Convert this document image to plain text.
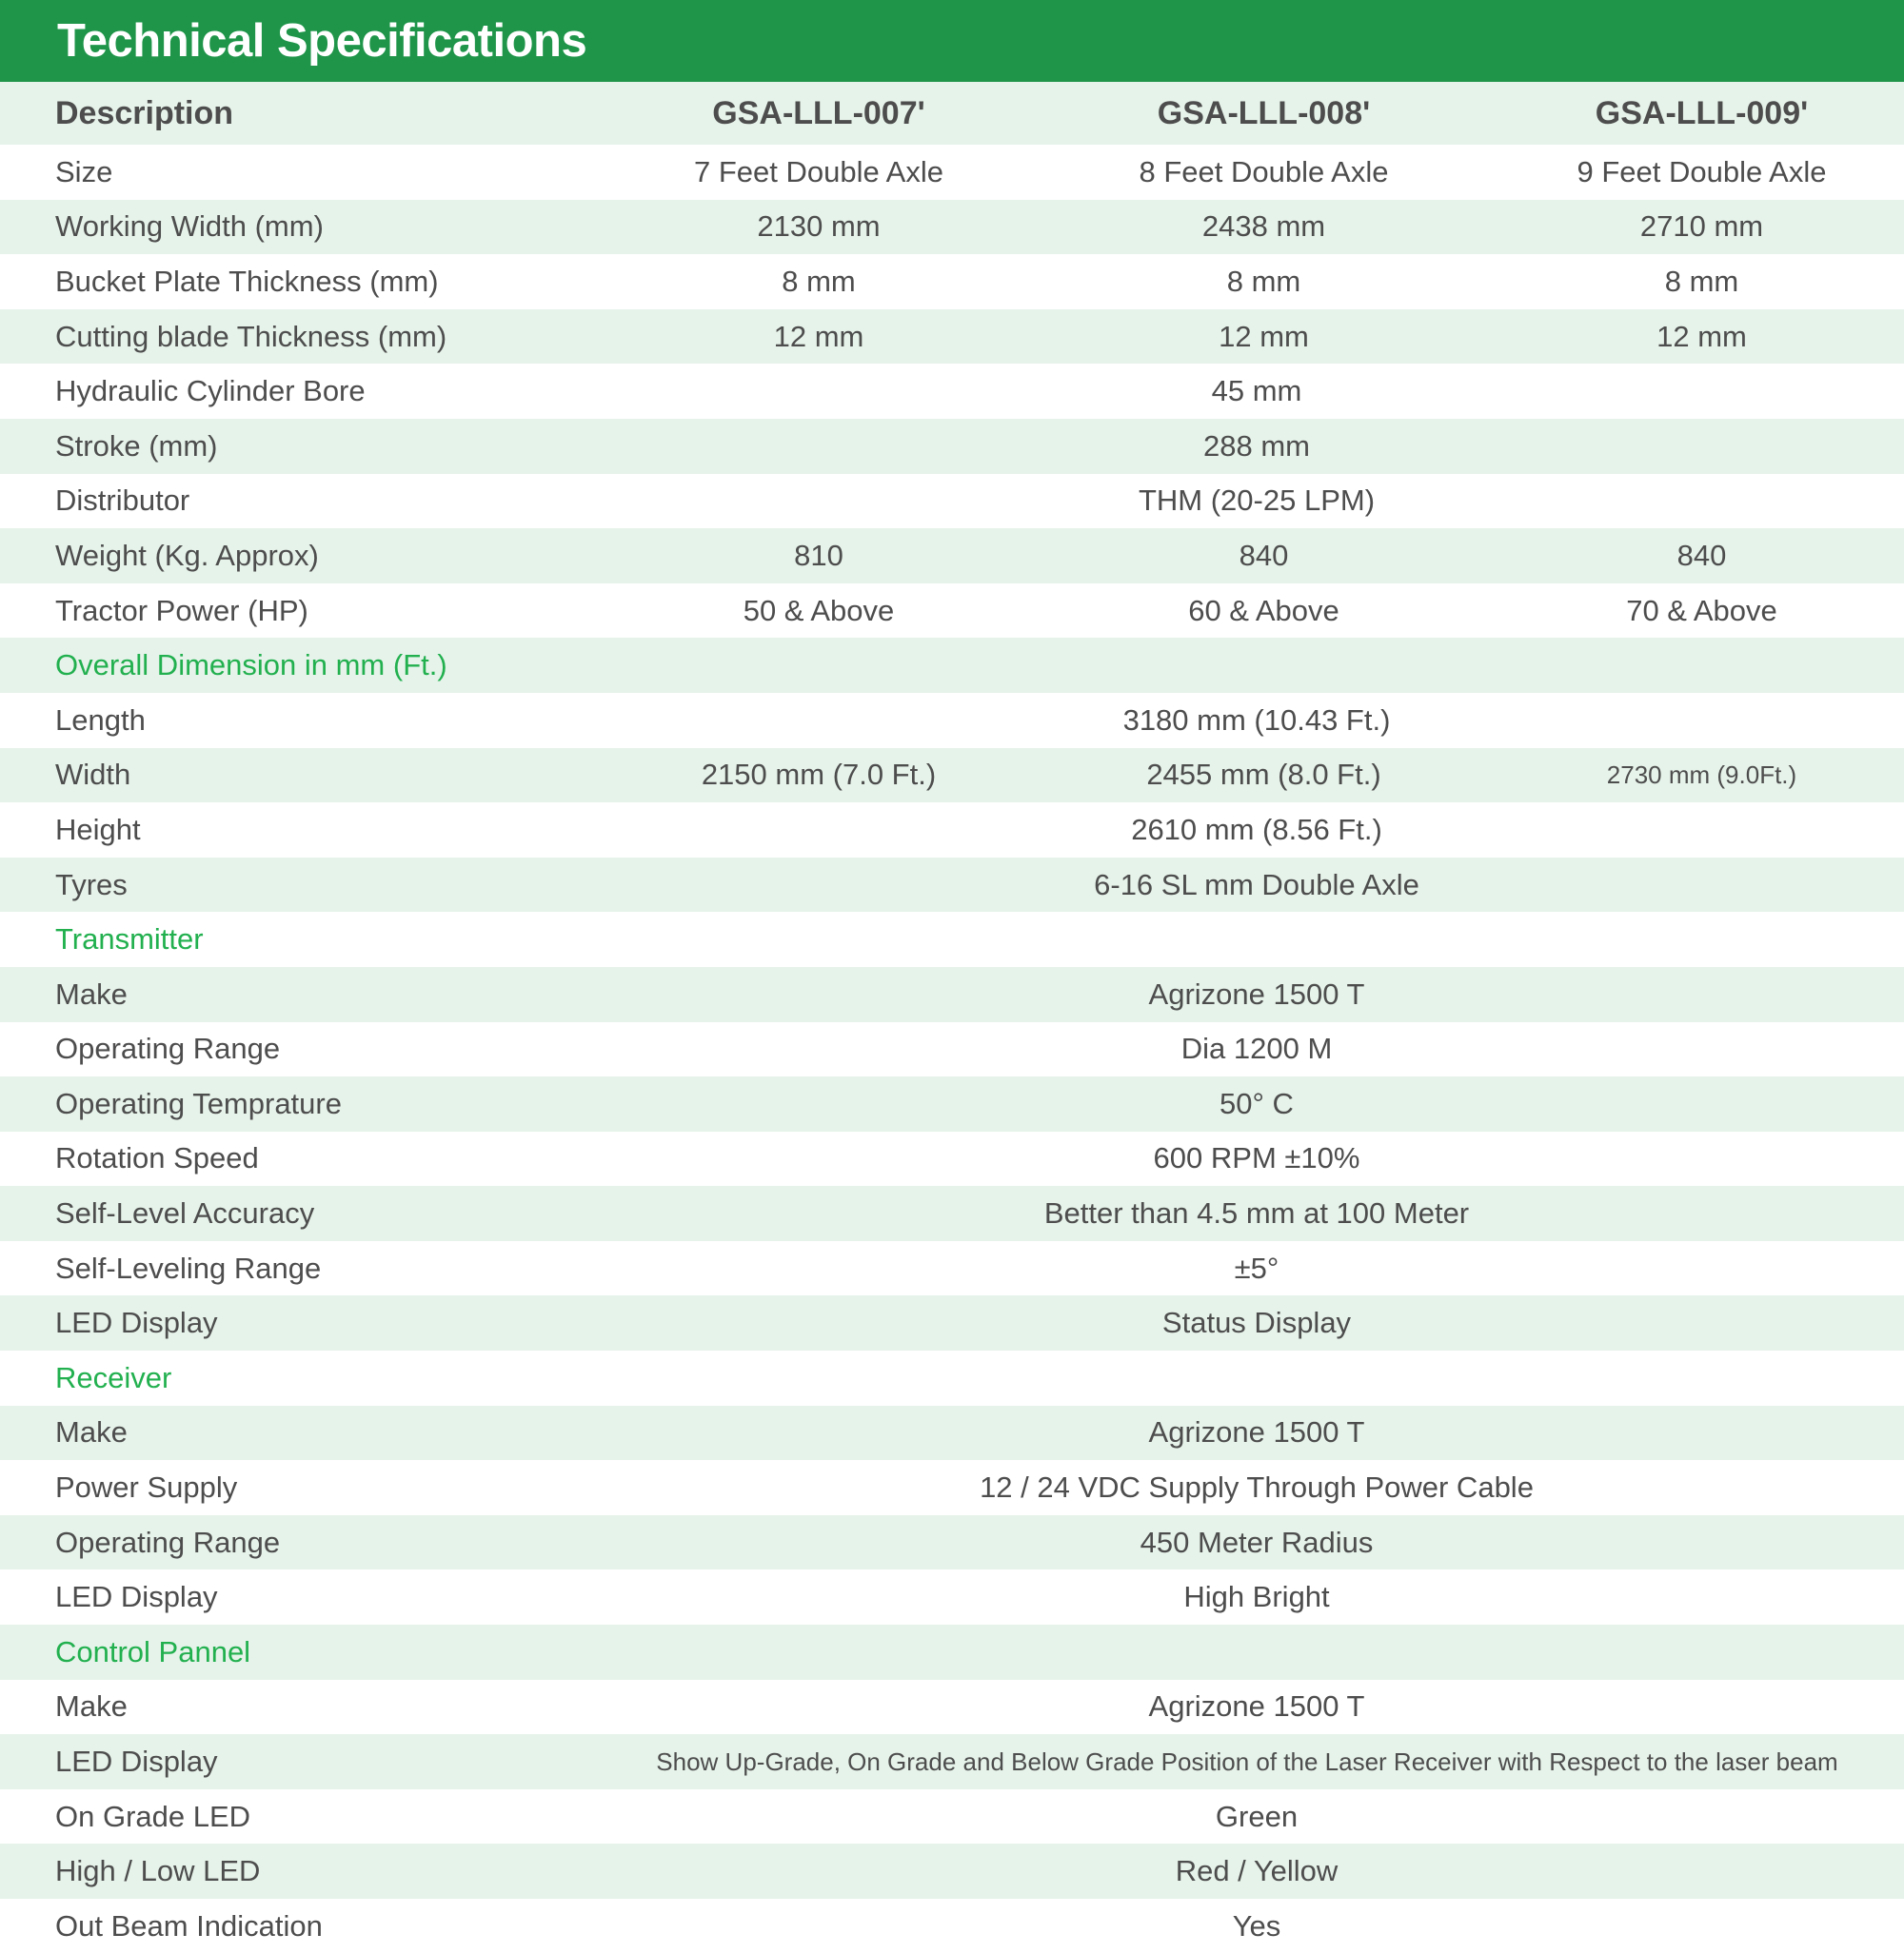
Technical Specifications
Description	GSA-LLL-007'	GSA-LLL-008'	GSA-LLL-009'
Size	7 Feet Double Axle	8 Feet Double Axle	9 Feet Double Axle
Working Width (mm)	2130 mm	2438 mm	2710 mm
Bucket Plate Thickness (mm)	8 mm	8 mm	8 mm
Cutting blade Thickness (mm)	12 mm	12 mm	12 mm
Hydraulic Cylinder Bore	45 mm		
Stroke (mm)	288 mm		
Distributor	THM (20-25 LPM)		
Weight (Kg. Approx)	810	840	840
Tractor Power (HP)	50 & Above	60 & Above	70 & Above
Overall Dimension in mm (Ft.)			
Length	3180 mm (10.43 Ft.)		
Width	2150 mm (7.0 Ft.)	2455 mm (8.0 Ft.)	2730 mm (9.0Ft.)
Height	2610 mm (8.56 Ft.)		
Tyres	6-16 SL mm Double Axle		
Transmitter			
Make	Agrizone 1500 T		
Operating Range	Dia 1200 M		
Operating Temprature	50° C		
Rotation Speed	600 RPM ±10%		
Self-Level Accuracy	Better than 4.5 mm at 100 Meter		
Self-Leveling Range	±5°		
LED Display	Status Display		
Receiver			
Make	Agrizone 1500 T		
Power Supply	12 / 24 VDC Supply Through Power Cable		
Operating Range	450 Meter Radius		
LED Display	High Bright		
Control Pannel			
Make	Agrizone 1500 T		
LED Display	Show Up-Grade, On Grade and Below Grade Position of the Laser Receiver with Respect to the laser beam		
On Grade LED	Green		
High / Low LED	Red / Yellow		
Out Beam Indication	Yes		
